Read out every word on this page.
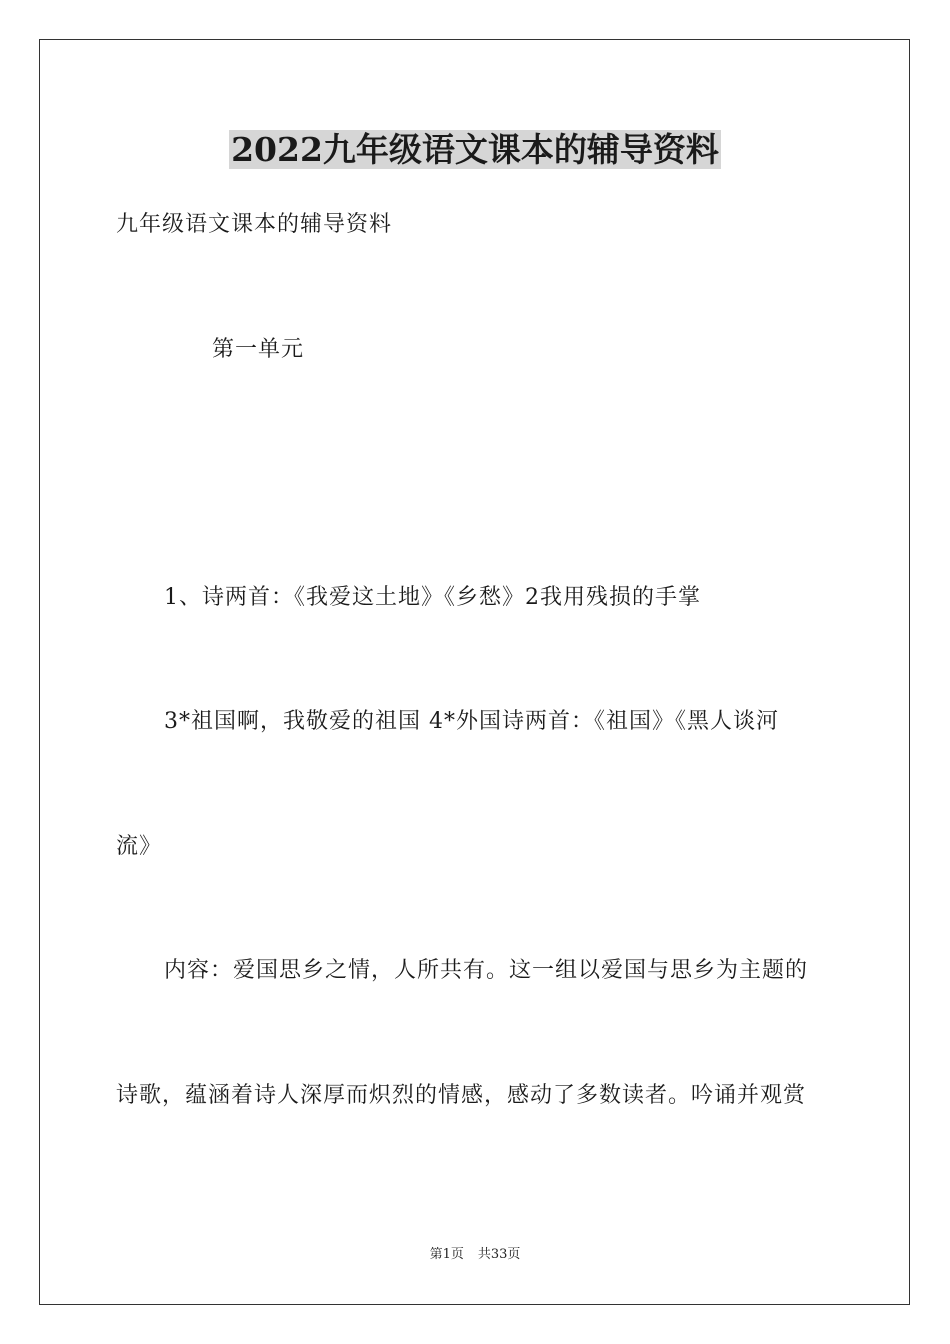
2022九年级语文课本的辅导资料
九年级语文课本的辅导资料
第一单元
1、诗两首：《我爱这土地》《乡愁》2我用残损的手掌
3*祖国啊，我敬爱的祖国 4*外国诗两首：《祖国》《黑人谈河
流》
内容：爱国思乡之情，人所共有。这一组以爱国与思乡为主题的
诗歌，蕴涵着诗人深厚而炽烈的情感，感动了多数读者。吟诵并观赏
第1页 共33页
